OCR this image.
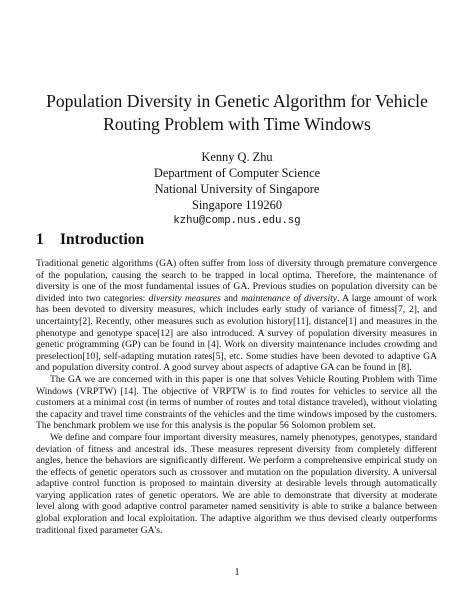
Population Diversity in Genetic Algorithm for Vehicle
Routing Problem with Time Windows
Kenny Q. Zhu
Department of Computer Science
National University of Singapore
Singapore 119260
kzhu@comp.nus.edu.sg
1 Introduction

Traditional genetic algorithms (GA) often suffer from loss of diversity through premature convergence of the population, causing the search to be trapped in local optima. Therefore, the maintenance of diversity is one of the most fundamental issues of GA. Previous studies on population diversity can be divided into two categories: diversity measures and maintenance of diversity. A large amount of work has been devoted to diversity measures, which includes early study of variance of fitness[7, 2], and uncertainty[2]. Recently, other measures such as evolution history[11], distance[1] and measures in the phenotype and genotype space[12] are also introduced. A survey of population diversity measures in genetic programming (GP) can be found in [4]. Work on diversity maintenance includes crowding and preselection[10], self-adapting mutation rates[5], etc. Some studies have been devoted to adaptive GA and population diversity control. A good survey about aspects of adaptive GA can be found in [8].

The GA we are concerned with in this paper is one that solves Vehicle Routing Problem with Time Windows (VRPTW) [14]. The objective of VRPTW is to find routes for vehicles to service all the customers at a minimal cost (in terms of number of routes and total distance traveled), without violating the capacity and travel time constraints of the vehicles and the time windows imposed by the customers. The benchmark problem we use for this analysis is the popular 56 Solomon problem set.

We define and compare four important diversity measures, namely phenotypes, genotypes, standard deviation of fitness and ancestral ids. These measures represent diversity from completely different angles, hence the behaviors are significantly different. We perform a comprehensive empirical study on the effects of genetic operators such as crossover and mutation on the population diversity. A universal adaptive control function is proposed to maintain diversity at desirable levels through automatically varying application rates of genetic operators. We are able to demonstrate that diversity at moderate level along with good adaptive control parameter named sensitivity is able to strike a balance between global exploration and local exploitation. The adaptive algorithm we thus devised clearly outperforms traditional fixed parameter GA's.

1
